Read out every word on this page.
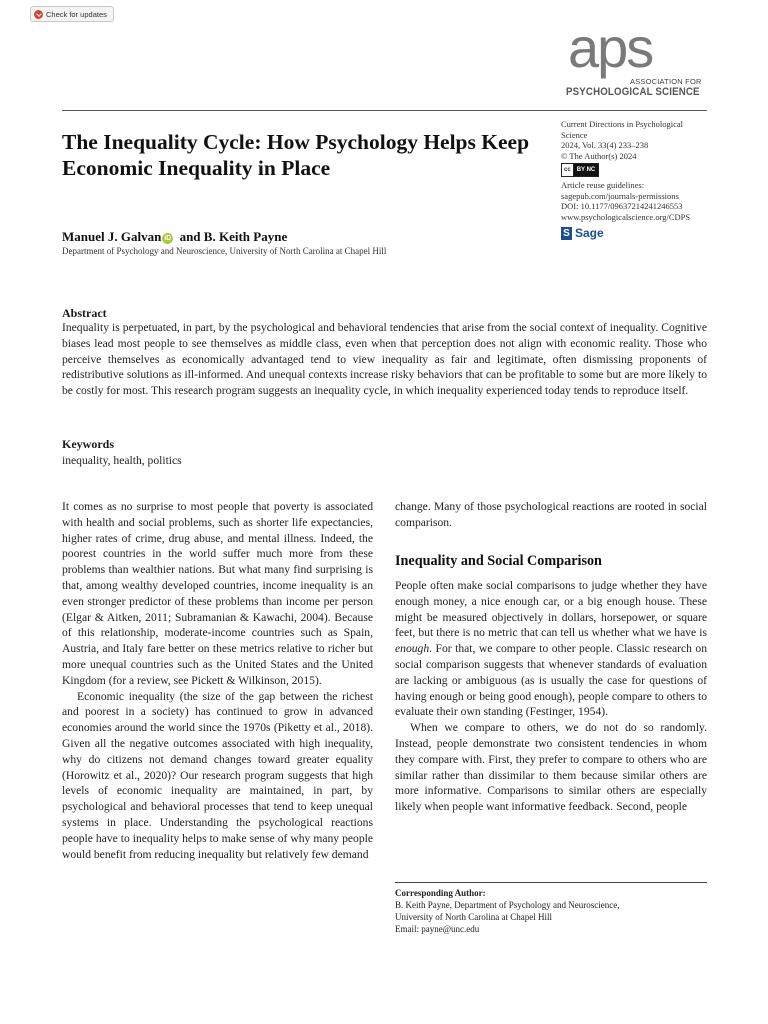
Check for updates
aps
ASSOCIATION FOR
PSYCHOLOGICAL SCIENCE
The Inequality Cycle: How Psychology Helps Keep Economic Inequality in Place
Current Directions in Psychological Science
2024, Vol. 33(4) 233–238
© The Author(s) 2024
cc	BY NC
Article reuse guidelines:
sagepub.com/journals-permissions
DOI: 10.1177/09637214241246553
www.psychologicalscience.org/CDPS
S Sage
Manuel J. Galvan iD and B. Keith Payne
Department of Psychology and Neuroscience, University of North Carolina at Chapel Hill
Abstract
Inequality is perpetuated, in part, by the psychological and behavioral tendencies that arise from the social context of inequality. Cognitive biases lead most people to see themselves as middle class, even when that perception does not align with economic reality. Those who perceive themselves as economically advantaged tend to view inequality as fair and legitimate, often dismissing proponents of redistributive solutions as ill-informed. And unequal contexts increase risky behaviors that can be profitable to some but are more likely to be costly for most. This research program suggests an inequality cycle, in which inequality experienced today tends to reproduce itself.
Keywords
inequality, health, politics

It comes as no surprise to most people that poverty is associated with health and social problems, such as shorter life expectancies, higher rates of crime, drug abuse, and mental illness. Indeed, the poorest countries in the world suffer much more from these problems than wealthier nations. But what many find surprising is that, among wealthy developed countries, income inequality is an even stronger predictor of these problems than income per person (Elgar & Aitken, 2011; Subramanian & Kawachi, 2004). Because of this relationship, moderate-income countries such as Spain, Austria, and Italy fare better on these metrics relative to richer but more unequal countries such as the United States and the United Kingdom (for a review, see Pickett & Wilkinson, 2015).

Economic inequality (the size of the gap between the richest and poorest in a society) has continued to grow in advanced economies around the world since the 1970s (Piketty et al., 2018). Given all the negative outcomes associated with high inequality, why do citizens not demand changes toward greater equality (Horowitz et al., 2020)? Our research program suggests that high levels of economic inequality are maintained, in part, by psychological and behavioral processes that tend to keep unequal systems in place. Understanding the psychological reactions people have to inequality helps to make sense of why many people would benefit from reducing inequality but relatively few demand

change. Many of those psychological reactions are rooted in social comparison.

Inequality and Social Comparison

People often make social comparisons to judge whether they have enough money, a nice enough car, or a big enough house. These might be measured objectively in dollars, horsepower, or square feet, but there is no metric that can tell us whether what we have is enough. For that, we compare to other people. Classic research on social comparison suggests that whenever standards of evaluation are lacking or ambiguous (as is usually the case for questions of having enough or being good enough), people compare to others to evaluate their own standing (Festinger, 1954).

When we compare to others, we do not do so randomly. Instead, people demonstrate two consistent tendencies in whom they compare with. First, they prefer to compare to others who are similar rather than dissimilar to them because similar others are more informative. Comparisons to similar others are especially likely when people want informative feedback. Second, people

Corresponding Author:
B. Keith Payne, Department of Psychology and Neuroscience,
University of North Carolina at Chapel Hill
Email: payne@unc.edu
